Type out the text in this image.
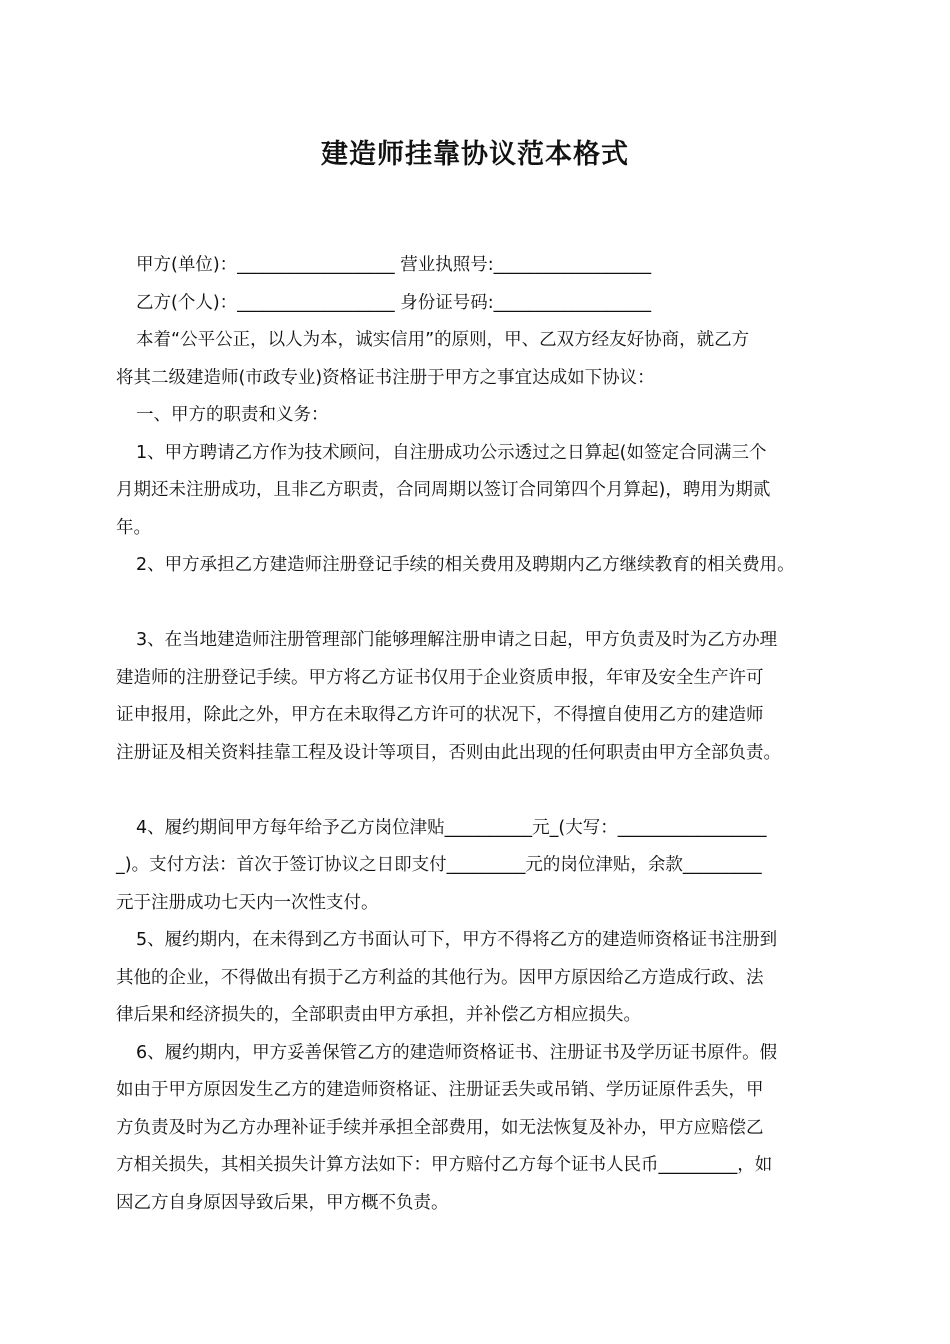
建造师挂靠协议范本格式
甲方(单位)：__________________ 营业执照号:__________________
乙方(个人)：__________________ 身份证号码:__________________
本着“公平公正，以人为本，诚实信用”的原则，甲、乙双方经友好协商，就乙方
将其二级建造师(市政专业)资格证书注册于甲方之事宜达成如下协议：
一、甲方的职责和义务：
1、甲方聘请乙方作为技术顾问，自注册成功公示透过之日算起(如签定合同满三个
月期还未注册成功，且非乙方职责，合同周期以签订合同第四个月算起)，聘用为期贰
年。
2、甲方承担乙方建造师注册登记手续的相关费用及聘期内乙方继续教育的相关费用。
3、在当地建造师注册管理部门能够理解注册申请之日起，甲方负责及时为乙方办理
建造师的注册登记手续。甲方将乙方证书仅用于企业资质申报，年审及安全生产许可
证申报用，除此之外，甲方在未取得乙方许可的状况下，不得擅自使用乙方的建造师
注册证及相关资料挂靠工程及设计等项目，否则由此出现的任何职责由甲方全部负责。
4、履约期间甲方每年给予乙方岗位津贴__________元_(大写：_________________
_)。支付方法：首次于签订协议之日即支付_________元的岗位津贴，余款_________
元于注册成功七天内一次性支付。
5、履约期内，在未得到乙方书面认可下，甲方不得将乙方的建造师资格证书注册到
其他的企业，不得做出有损于乙方利益的其他行为。因甲方原因给乙方造成行政、法
律后果和经济损失的，全部职责由甲方承担，并补偿乙方相应损失。
6、履约期内，甲方妥善保管乙方的建造师资格证书、注册证书及学历证书原件。假
如由于甲方原因发生乙方的建造师资格证、注册证丢失或吊销、学历证原件丢失，甲
方负责及时为乙方办理补证手续并承担全部费用，如无法恢复及补办，甲方应赔偿乙
方相关损失，其相关损失计算方法如下：甲方赔付乙方每个证书人民币_________，如
因乙方自身原因导致后果，甲方概不负责。
